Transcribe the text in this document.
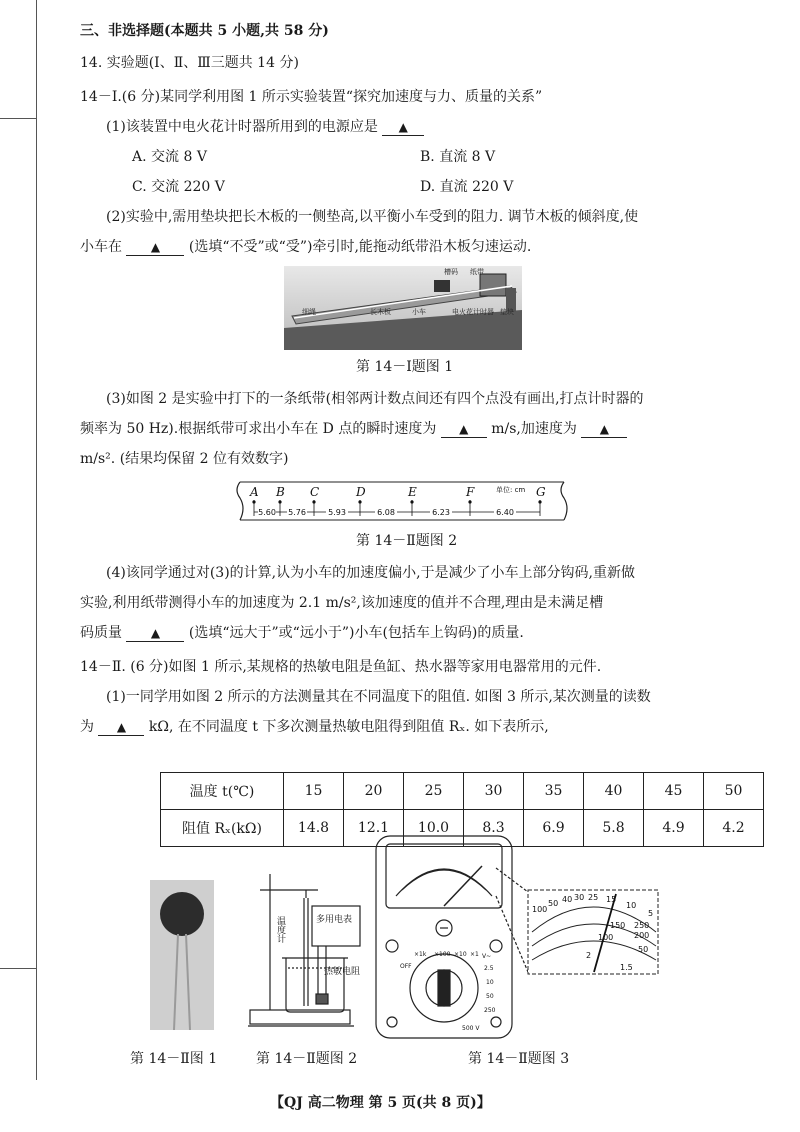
三、非选择题(本题共 5 小题,共 58 分)
14. 实验题(Ⅰ、Ⅱ、Ⅲ三题共 14 分)
14－Ⅰ.(6 分)某同学利用图 1 所示实验装置“探究加速度与力、质量的关系”
(1)该装置中电火花计时器所用到的电源应是 ▲
A. 交流 8 V	B. 直流 8 V
C. 交流 220 V	D. 直流 220 V
(2)实验中,需用垫块把长木板的一侧垫高,以平衡小车受到的阻力. 调节木板的倾斜度,使
小车在 ▲ (选填“不受”或“受”)牵引时,能拖动纸带沿木板匀速运动.
细绳
槽码 纸带
长木板	小车	电火花计时器 垫块
第 14－Ⅰ题图 1
(3)如图 2 是实验中打下的一条纸带(相邻两计数点间还有四个点没有画出,打点计时器的
频率为 50 Hz).根据纸带可求出小车在 D 点的瞬时速度为 ▲ m/s,加速度为 ▲
m/s². (结果均保留 2 位有效数字)
A B C	D	E	F	G
单位: cm
5.60 5.76	5.93	6.08	6.23	6.40
第 14－Ⅱ题图 2
(4)该同学通过对(3)的计算,认为小车的加速度偏小,于是减少了小车上部分钩码,重新做
实验,利用纸带测得小车的加速度为 2.1 m/s²,该加速度的值并不合理,理由是未满足槽
码质量 ▲ (选填“远大于”或“远小于”)小车(包括车上钩码)的质量.
14－Ⅱ. (6 分)如图 1 所示,某规格的热敏电阻是鱼缸、热水器等家用电器常用的元件.
(1)一同学用如图 2 所示的方法测量其在不同温度下的阻值. 如图 3 所示,某次测量的读数
为 ▲ kΩ, 在不同温度 t 下多次测量热敏电阻得到阻值 Rₓ. 如下表所示,
温度 t(℃)	15	20	25	30	35	40	45	50
阻值 Rₓ(kΩ)	14.8	12.1	10.0	8.3	6.9	5.8	4.9	4.2
温度计	多用电表
热敏电阻
OFF	2.5
10
50
250
500 V
V~
×1k ×100 ×10 ×1
100
50 40 30 25 15
10
5
250
200
150
100
50
2
1.5
第 14－Ⅱ图 1	第 14－Ⅱ题图 2	第 14－Ⅱ题图 3
【QJ 高二物理 第 5 页(共 8 页)】
